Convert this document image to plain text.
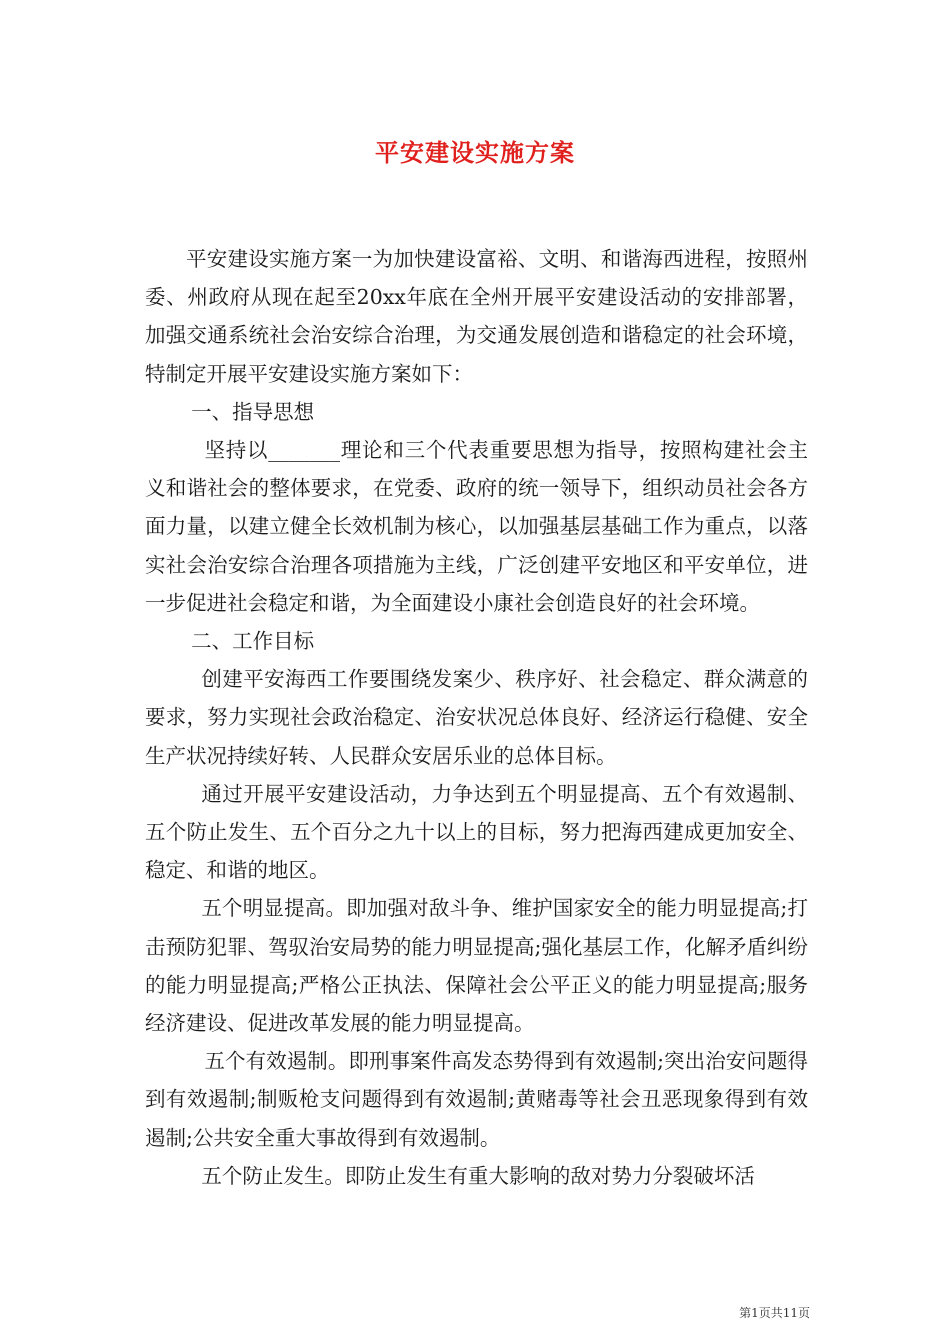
平安建设实施方案

平安建设实施方案一为加快建设富裕、文明、和谐海西进程，按照州委、州政府从现在起至20xx年底在全州开展平安建设活动的安排部署，加强交通系统社会治安综合治理，为交通发展创造和谐稳定的社会环境，特制定开展平安建设实施方案如下：

一、指导思想

坚持以_______理论和三个代表重要思想为指导，按照构建社会主义和谐社会的整体要求，在党委、政府的统一领导下，组织动员社会各方面力量，以建立健全长效机制为核心，以加强基层基础工作为重点，以落实社会治安综合治理各项措施为主线，广泛创建平安地区和平安单位，进一步促进社会稳定和谐，为全面建设小康社会创造良好的社会环境。

二、工作目标

创建平安海西工作要围绕发案少、秩序好、社会稳定、群众满意的要求，努力实现社会政治稳定、治安状况总体良好、经济运行稳健、安全生产状况持续好转、人民群众安居乐业的总体目标。

通过开展平安建设活动，力争达到五个明显提高、五个有效遏制、五个防止发生、五个百分之九十以上的目标，努力把海西建成更加安全、稳定、和谐的地区。

五个明显提高。即加强对敌斗争、维护国家安全的能力明显提高;打击预防犯罪、驾驭治安局势的能力明显提高;强化基层工作，化解矛盾纠纷的能力明显提高;严格公正执法、保障社会公平正义的能力明显提高;服务经济建设、促进改革发展的能力明显提高。

五个有效遏制。即刑事案件高发态势得到有效遏制;突出治安问题得到有效遏制;制贩枪支问题得到有效遏制;黄赌毒等社会丑恶现象得到有效遏制;公共安全重大事故得到有效遏制。

五个防止发生。即防止发生有重大影响的敌对势力分裂破坏活

第1页共11页
